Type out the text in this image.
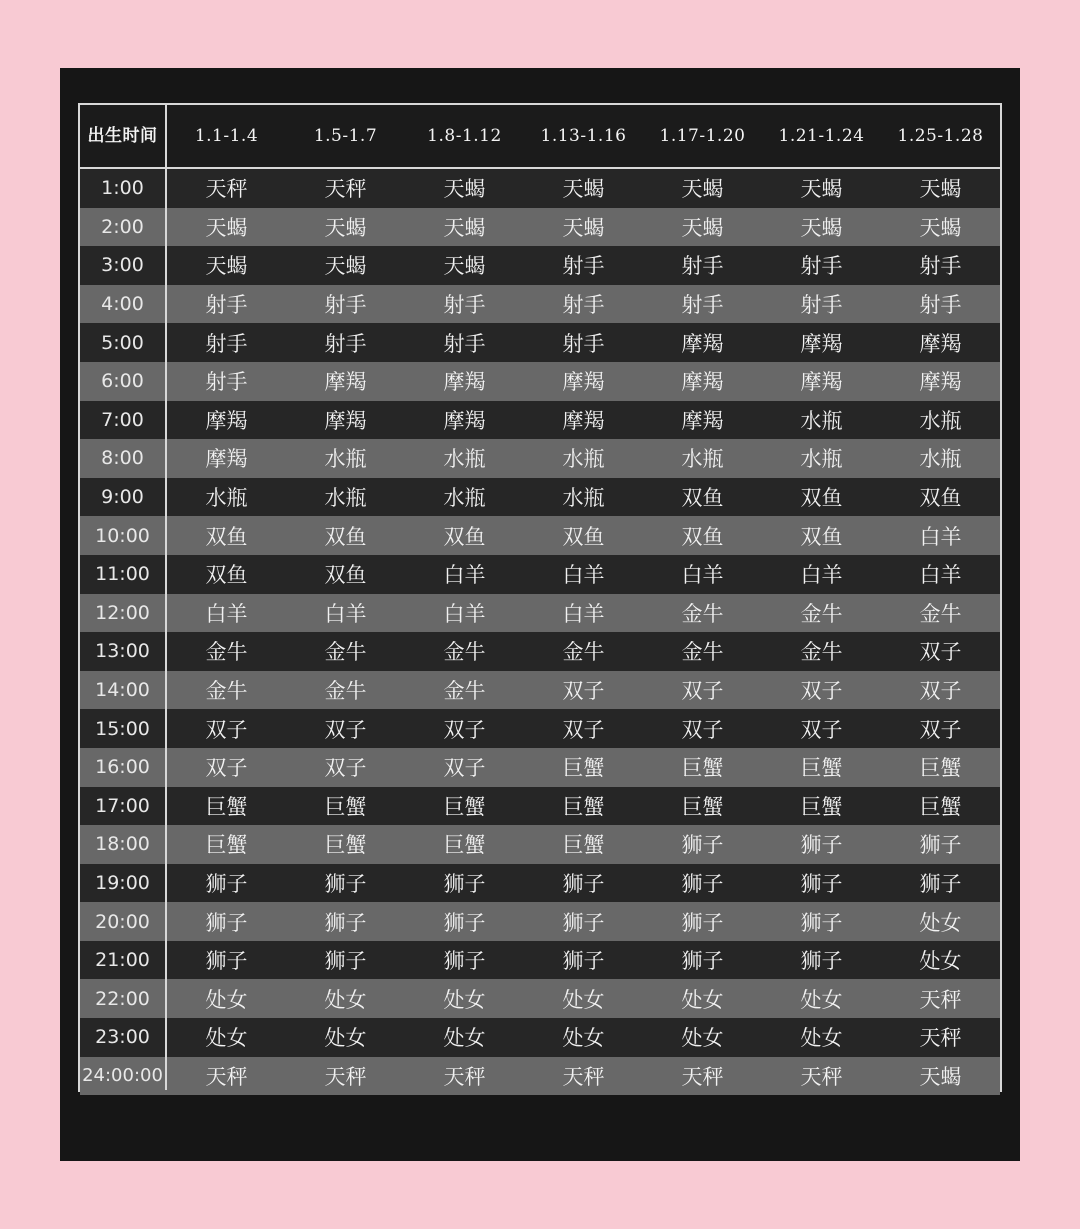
出生时间	1.1-1.4	1.5-1.7	1.8-1.12	1.13-1.16	1.17-1.20	1.21-1.24	1.25-1.28
1:00	天秤	天秤	天蝎	天蝎	天蝎	天蝎	天蝎
2:00	天蝎	天蝎	天蝎	天蝎	天蝎	天蝎	天蝎
3:00	天蝎	天蝎	天蝎	射手	射手	射手	射手
4:00	射手	射手	射手	射手	射手	射手	射手
5:00	射手	射手	射手	射手	摩羯	摩羯	摩羯
6:00	射手	摩羯	摩羯	摩羯	摩羯	摩羯	摩羯
7:00	摩羯	摩羯	摩羯	摩羯	摩羯	水瓶	水瓶
8:00	摩羯	水瓶	水瓶	水瓶	水瓶	水瓶	水瓶
9:00	水瓶	水瓶	水瓶	水瓶	双鱼	双鱼	双鱼
10:00	双鱼	双鱼	双鱼	双鱼	双鱼	双鱼	白羊
11:00	双鱼	双鱼	白羊	白羊	白羊	白羊	白羊
12:00	白羊	白羊	白羊	白羊	金牛	金牛	金牛
13:00	金牛	金牛	金牛	金牛	金牛	金牛	双子
14:00	金牛	金牛	金牛	双子	双子	双子	双子
15:00	双子	双子	双子	双子	双子	双子	双子
16:00	双子	双子	双子	巨蟹	巨蟹	巨蟹	巨蟹
17:00	巨蟹	巨蟹	巨蟹	巨蟹	巨蟹	巨蟹	巨蟹
18:00	巨蟹	巨蟹	巨蟹	巨蟹	狮子	狮子	狮子
19:00	狮子	狮子	狮子	狮子	狮子	狮子	狮子
20:00	狮子	狮子	狮子	狮子	狮子	狮子	处女
21:00	狮子	狮子	狮子	狮子	狮子	狮子	处女
22:00	处女	处女	处女	处女	处女	处女	天秤
23:00	处女	处女	处女	处女	处女	处女	天秤
24:00:00	天秤	天秤	天秤	天秤	天秤	天秤	天蝎
